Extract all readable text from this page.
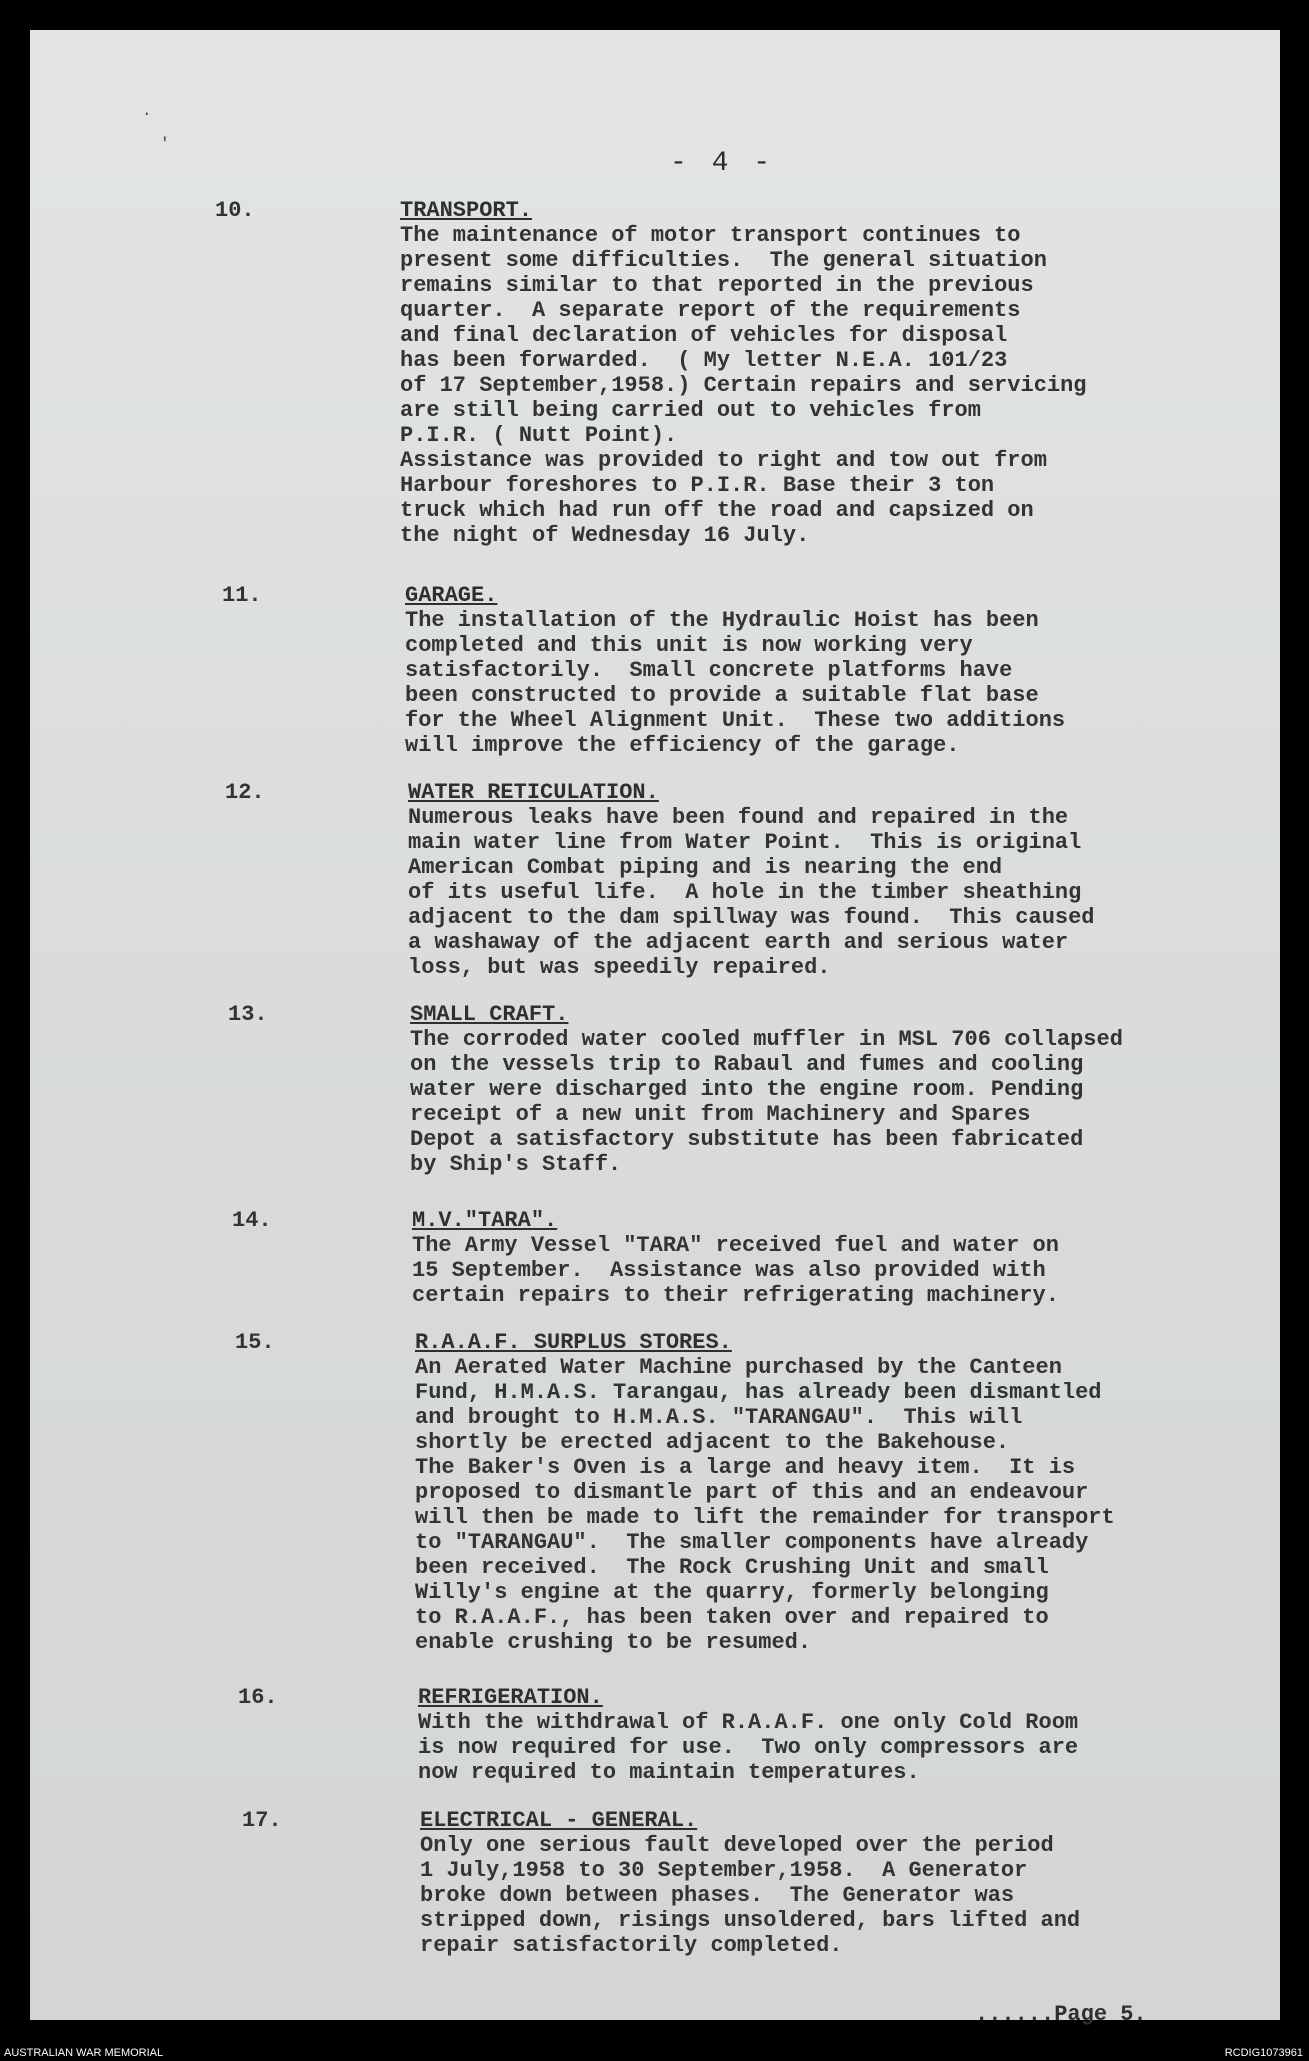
·
'
- 4 -
10.	TRANSPORT.
The maintenance of motor transport continues to
present some difficulties.  The general situation
remains similar to that reported in the previous
quarter.  A separate report of the requirements
and final declaration of vehicles for disposal
has been forwarded.  ( My letter N.E.A. 101/23
of 17 September,1958.) Certain repairs and servicing
are still being carried out to vehicles from
P.I.R. ( Nutt Point).
Assistance was provided to right and tow out from
Harbour foreshores to P.I.R. Base their 3 ton
truck which had run off the road and capsized on
the night of Wednesday 16 July.
11.	GARAGE.
The installation of the Hydraulic Hoist has been
completed and this unit is now working very
satisfactorily.  Small concrete platforms have
been constructed to provide a suitable flat base
for the Wheel Alignment Unit.  These two additions
will improve the efficiency of the garage.
12.	WATER RETICULATION.
Numerous leaks have been found and repaired in the
main water line from Water Point.  This is original
American Combat piping and is nearing the end
of its useful life.  A hole in the timber sheathing
adjacent to the dam spillway was found.  This caused
a washaway of the adjacent earth and serious water
loss, but was speedily repaired.
13.	SMALL CRAFT.
The corroded water cooled muffler in MSL 706 collapsed
on the vessels trip to Rabaul and fumes and cooling
water were discharged into the engine room. Pending
receipt of a new unit from Machinery and Spares
Depot a satisfactory substitute has been fabricated
by Ship's Staff.
14.	M.V."TARA".
The Army Vessel "TARA" received fuel and water on
15 September.  Assistance was also provided with
certain repairs to their refrigerating machinery.
15.	R.A.A.F. SURPLUS STORES.
An Aerated Water Machine purchased by the Canteen
Fund, H.M.A.S. Tarangau, has already been dismantled
and brought to H.M.A.S. "TARANGAU".  This will
shortly be erected adjacent to the Bakehouse.
The Baker's Oven is a large and heavy item.  It is
proposed to dismantle part of this and an endeavour
will then be made to lift the remainder for transport
to "TARANGAU".  The smaller components have already
been received.  The Rock Crushing Unit and small
Willy's engine at the quarry, formerly belonging
to R.A.A.F., has been taken over and repaired to
enable crushing to be resumed.
16.	REFRIGERATION.
With the withdrawal of R.A.A.F. one only Cold Room
is now required for use.  Two only compressors are
now required to maintain temperatures.
17.	ELECTRICAL - GENERAL.
Only one serious fault developed over the period
1 July,1958 to 30 September,1958.  A Generator
broke down between phases.  The Generator was
stripped down, risings unsoldered, bars lifted and
repair satisfactorily completed.
......Page 5.
AUSTRALIAN WAR MEMORIAL	RCDIG1073961
